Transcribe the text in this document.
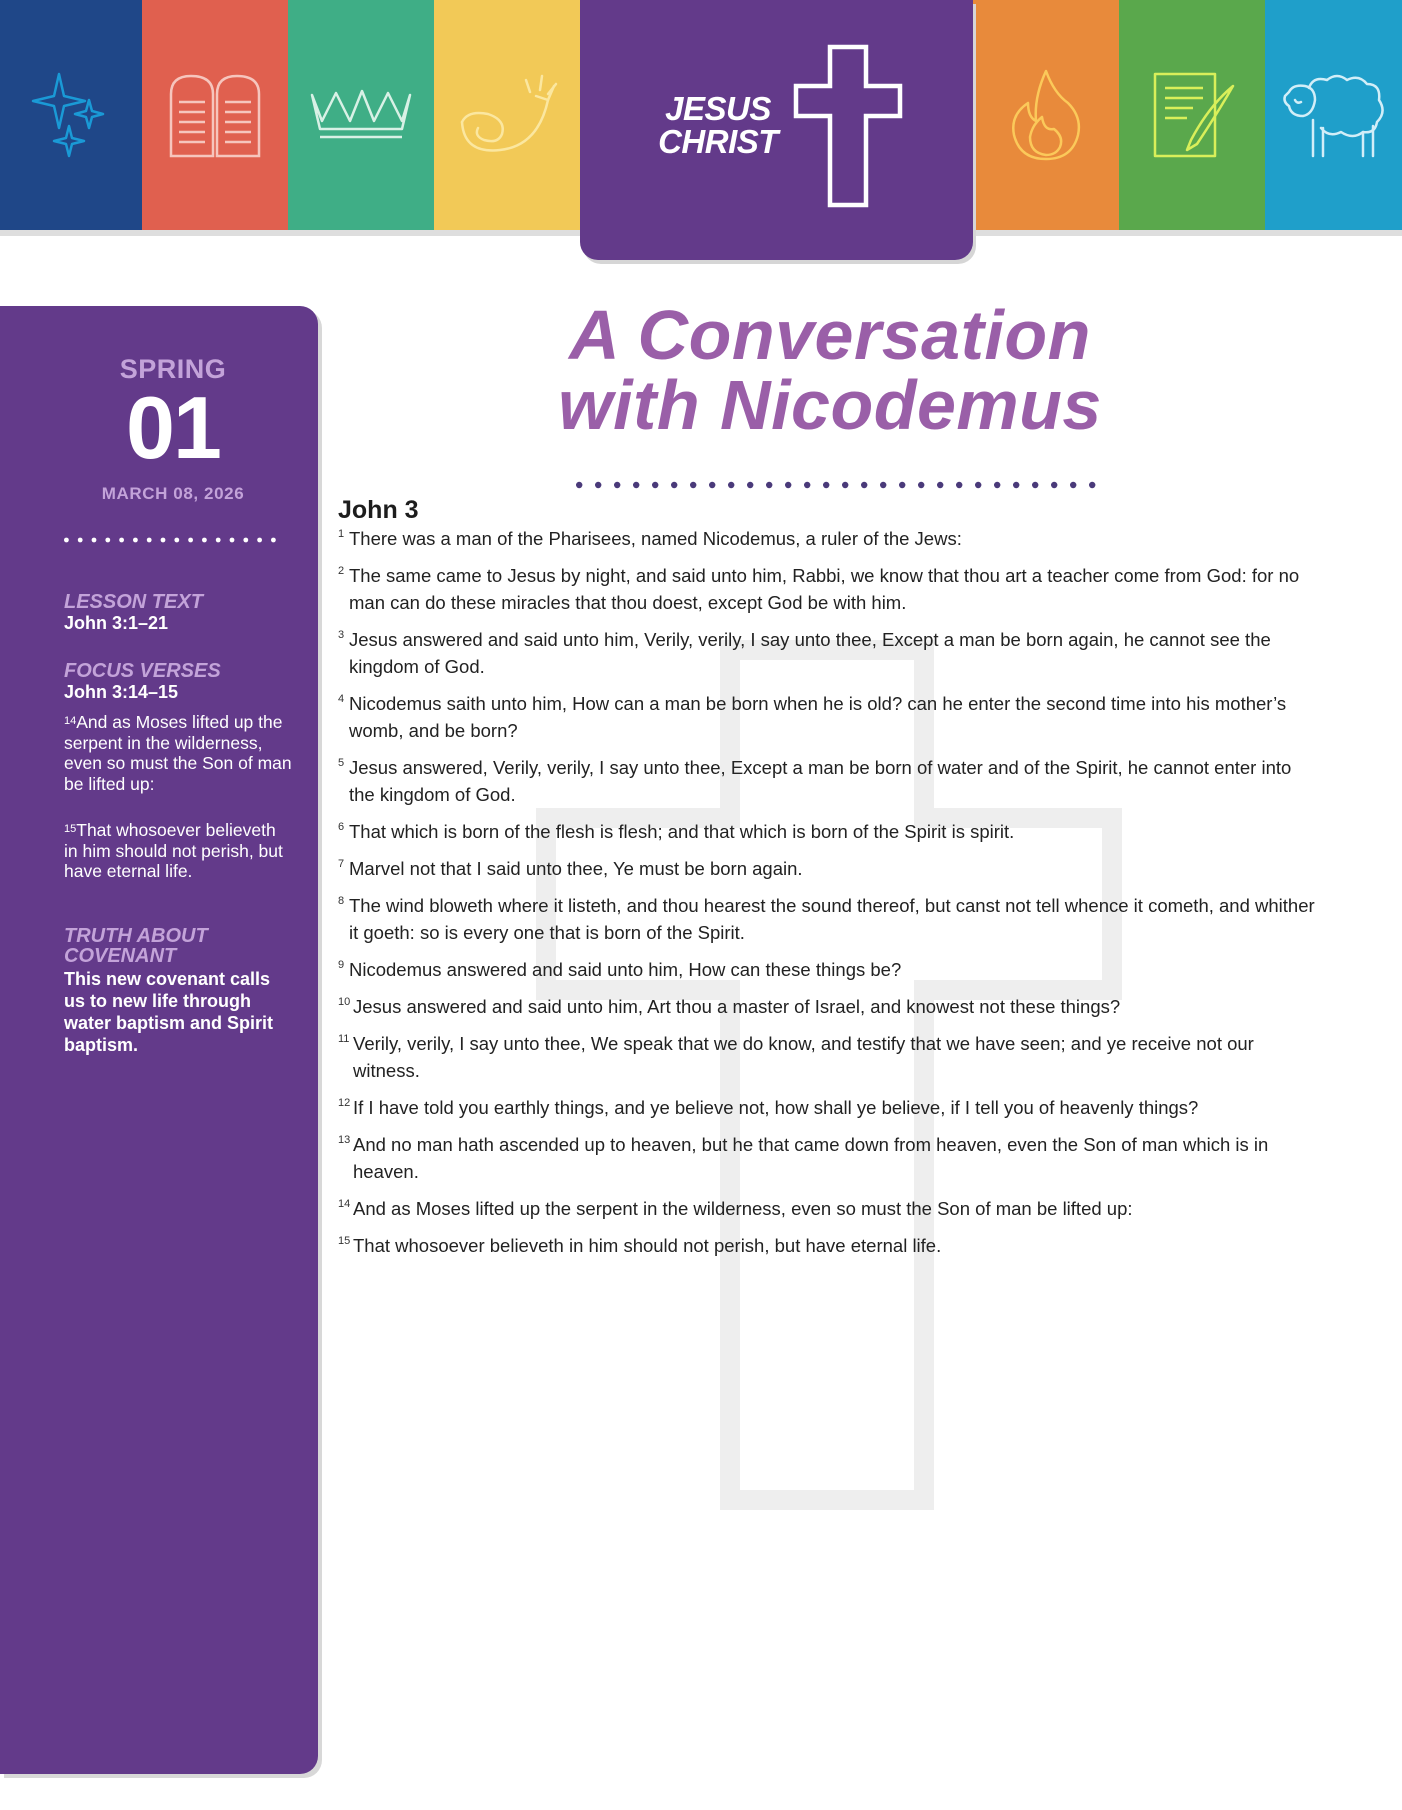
JESUS
CHRIST
SPRING
01
MARCH 08, 2026
LESSON TEXT
John 3:1–21
FOCUS VERSES
John 3:14–15
$^{14}$And as Moses lifted up the serpent in the wilderness, even so must the Son of man be lifted up:
$^{15}$That whosoever believeth in him should not perish, but have eternal life.
TRUTH ABOUT
COVENANT
This new covenant calls us to new life through water baptism and Spirit baptism.
A Conversation
with Nicodemus
John 3

1 There was a man of the Pharisees, named Nicodemus, a ruler of the Jews:

2 The same came to Jesus by night, and said unto him, Rabbi, we know that thou art a teacher come from God: for no man can do these miracles that thou doest, except God be with him.

3 Jesus answered and said unto him, Verily, verily, I say unto thee, Except a man be born again, he cannot see the kingdom of God.

4 Nicodemus saith unto him, How can a man be born when he is old? can he enter the second time into his mother’s womb, and be born?

5 Jesus answered, Verily, verily, I say unto thee, Except a man be born of water and of the Spirit, he cannot enter into the kingdom of God.

6 That which is born of the flesh is flesh; and that which is born of the Spirit is spirit.

7 Marvel not that I said unto thee, Ye must be born again.

8 The wind bloweth where it listeth, and thou hearest the sound thereof, but canst not tell whence it cometh, and whither it goeth: so is every one that is born of the Spirit.

9 Nicodemus answered and said unto him, How can these things be?

10 Jesus answered and said unto him, Art thou a master of Israel, and knowest not these things?

11 Verily, verily, I say unto thee, We speak that we do know, and testify that we have seen; and ye receive not our witness.

12 If I have told you earthly things, and ye believe not, how shall ye believe, if I tell you of heavenly things?

13 And no man hath ascended up to heaven, but he that came down from heaven, even the Son of man which is in heaven.

14 And as Moses lifted up the serpent in the wilderness, even so must the Son of man be lifted up:

15 That whosoever believeth in him should not perish, but have eternal life.
